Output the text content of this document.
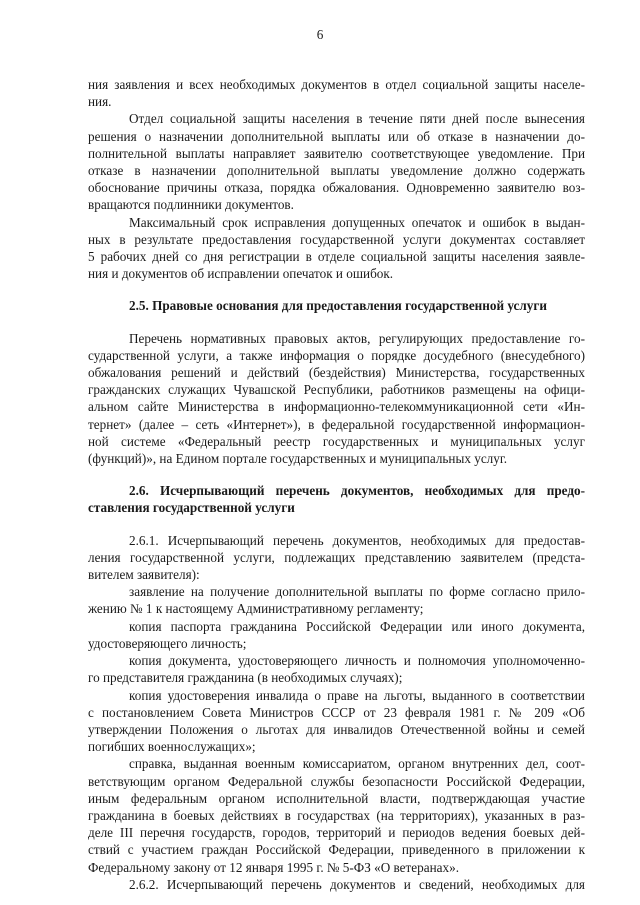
6
ния заявления и всех необходимых документов в отдел социальной защиты населе-
ния.
Отдел социальной защиты населения в течение пяти дней после вынесения
решения о назначении дополнительной выплаты или об отказе в назначении до-
полнительной выплаты направляет заявителю соответствующее уведомление. При
отказе в назначении дополнительной выплаты уведомление должно содержать
обоснование причины отказа, порядка обжалования. Одновременно заявителю воз-
вращаются подлинники документов.
Максимальный срок исправления допущенных опечаток и ошибок в выдан-
ных в результате предоставления государственной услуги документах составляет
5 рабочих дней со дня регистрации в отделе социальной защиты населения заявле-
ния и документов об исправлении опечаток и ошибок.
2.5. Правовые основания для предоставления государственной услуги
Перечень нормативных правовых актов, регулирующих предоставление го-
сударственной услуги, а также информация о порядке досудебного (внесудебного)
обжалования решений и действий (бездействия) Министерства, государственных
гражданских служащих Чувашской Республики, работников размещены на офици-
альном сайте Министерства в информационно-телекоммуникационной сети «Ин-
тернет» (далее – сеть «Интернет»), в федеральной государственной информацион-
ной системе «Федеральный реестр государственных и муниципальных услуг
(функций)», на Едином портале государственных и муниципальных услуг.
2.6. Исчерпывающий перечень документов, необходимых для предо-
ставления государственной услуги
2.6.1. Исчерпывающий перечень документов, необходимых для предостав-
ления государственной услуги, подлежащих представлению заявителем (предста-
вителем заявителя):
заявление на получение дополнительной выплаты по форме согласно прило-
жению № 1 к настоящему Административному регламенту;
копия паспорта гражданина Российской Федерации или иного документа,
удостоверяющего личность;
копия документа, удостоверяющего личность и полномочия уполномоченно-
го представителя гражданина (в необходимых случаях);
копия удостоверения инвалида о праве на льготы, выданного в соответствии
с постановлением Совета Министров СССР от 23 февраля 1981 г. № 209 «Об
утверждении Положения о льготах для инвалидов Отечественной войны и семей
погибших военнослужащих»;
справка, выданная военным комиссариатом, органом внутренних дел, соот-
ветствующим органом Федеральной службы безопасности Российской Федерации,
иным федеральным органом исполнительной власти, подтверждающая участие
гражданина в боевых действиях в государствах (на территориях), указанных в раз-
деле III перечня государств, городов, территорий и периодов ведения боевых дей-
ствий с участием граждан Российской Федерации, приведенного в приложении к
Федеральному закону от 12 января 1995 г. № 5-ФЗ «О ветеранах».
2.6.2. Исчерпывающий перечень документов и сведений, необходимых для
